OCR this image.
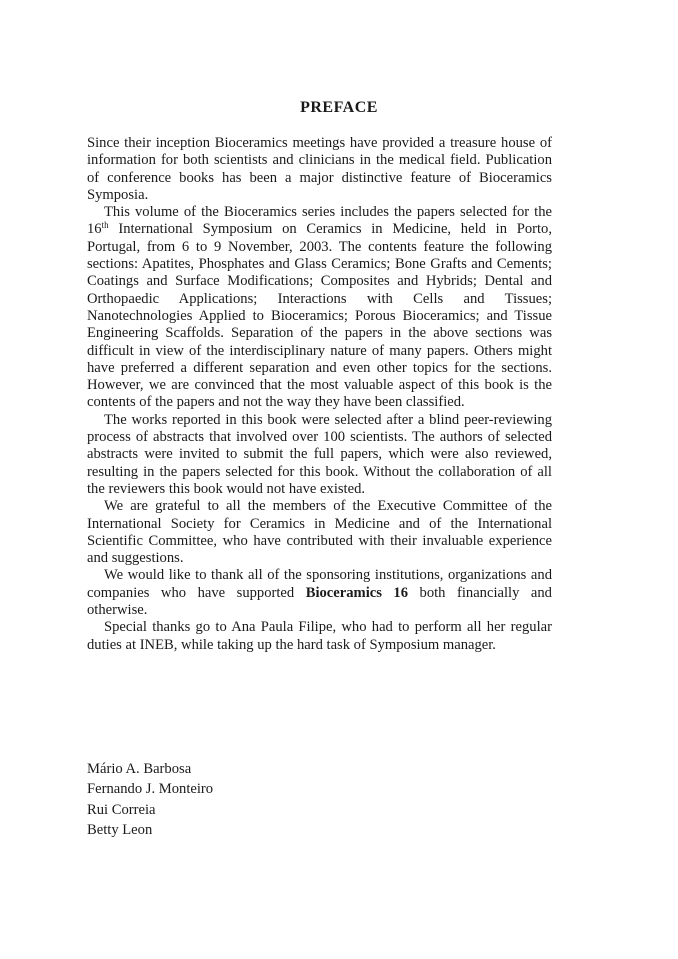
PREFACE

Since their inception Bioceramics meetings have provided a treasure house of information for both scientists and clinicians in the medical field. Publication of conference books has been a major distinctive feature of Bioceramics Symposia.

This volume of the Bioceramics series includes the papers selected for the 16th International Symposium on Ceramics in Medicine, held in Porto, Portugal, from 6 to 9 November, 2003. The contents feature the following sections: Apatites, Phosphates and Glass Ceramics; Bone Grafts and Cements; Coatings and Surface Modifications; Composites and Hybrids; Dental and Orthopaedic Applications; Interactions with Cells and Tissues; Nanotechnologies Applied to Bioceramics; Porous Bioceramics; and Tissue Engineering Scaffolds. Separation of the papers in the above sections was difficult in view of the interdisciplinary nature of many papers. Others might have preferred a different separation and even other topics for the sections. However, we are convinced that the most valuable aspect of this book is the contents of the papers and not the way they have been classified.

The works reported in this book were selected after a blind peer-reviewing process of abstracts that involved over 100 scientists. The authors of selected abstracts were invited to submit the full papers, which were also reviewed, resulting in the papers selected for this book. Without the collaboration of all the reviewers this book would not have existed.

We are grateful to all the members of the Executive Committee of the International Society for Ceramics in Medicine and of the International Scientific Committee, who have contributed with their invaluable experience and suggestions.

We would like to thank all of the sponsoring institutions, organizations and companies who have supported Bioceramics 16 both financially and otherwise.

Special thanks go to Ana Paula Filipe, who had to perform all her regular duties at INEB, while taking up the hard task of Symposium manager.

Mário A. Barbosa
Fernando J. Monteiro
Rui Correia
Betty Leon
